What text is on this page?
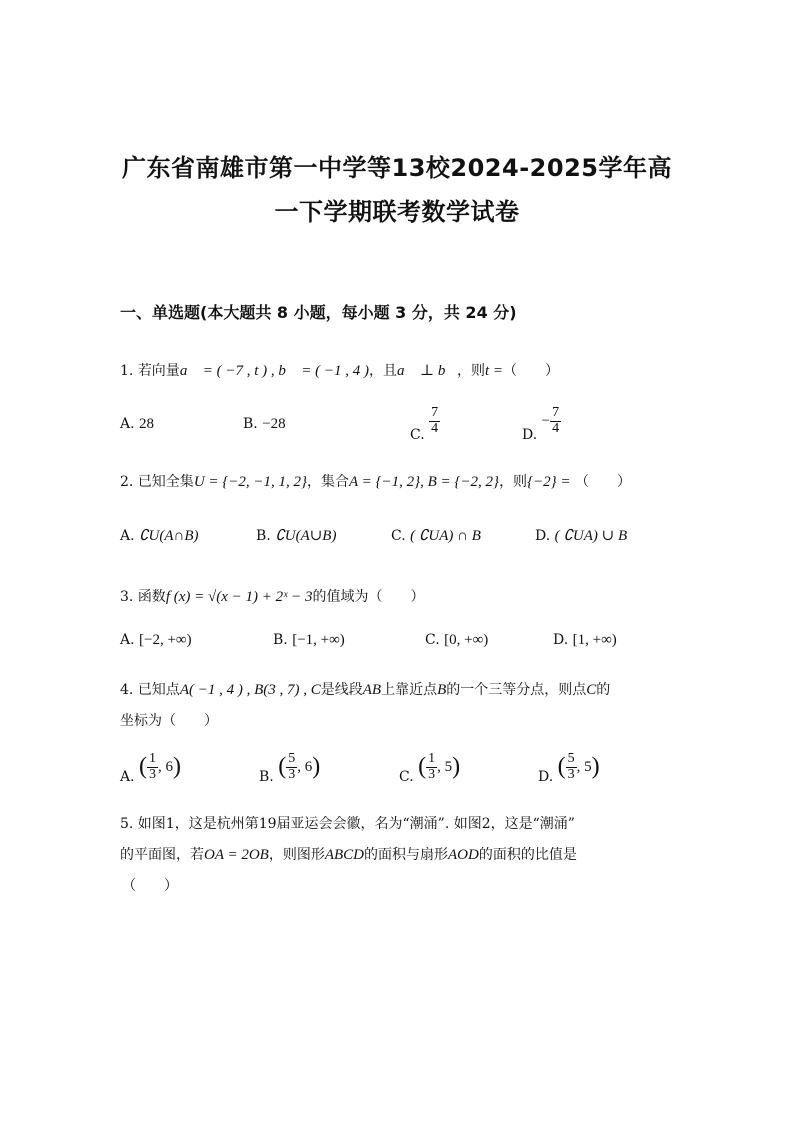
广东省南雄市第一中学等13校2024-2025学年高
一下学期联考数学试卷
一、单选题(本大题共 8 小题，每小题 3 分，共 24 分)
1. 若向量a⃗ = ( −7 , t ) , b⃗ = ( −1 , 4 )，且a⃗ ⊥ b⃗，则t =（　　）
A. 28	B. −28
C. $\frac{7}{4}$	D. − $\frac{7}{4}$
2. 已知全集U = {−2, −1, 1, 2}，集合A = {−1, 2}, B = {−2, 2}，则{−2} = （　　）
A. ∁U(A∩B)	B. ∁U(A∪B)	C. ( ∁UA) ∩ B	D. ( ∁UA) ∪ B
3. 函数f (x) = √(x − 1) + 2ˣ − 3的值域为（　　）
A. [−2, +∞)	B. [−1, +∞)	C. [0, +∞)	D. [1, +∞)
4. 已知点A( −1 , 4 ) , B(3 , 7) , C是线段AB上靠近点B的一个三等分点，则点C的
坐标为（　　）
A. ( $\frac{1}{3}$ , 6)	B. ( $\frac{5}{3}$ , 6)	C. ( $\frac{1}{3}$ , 5)	D. ( $\frac{5}{3}$ , 5)
5. 如图1，这是杭州第19届亚运会会徽，名为“潮涌”. 如图2，这是“潮涌”
的平面图，若OA = 2OB，则图形ABCD的面积与扇形AOD的面积的比值是
（　　）
